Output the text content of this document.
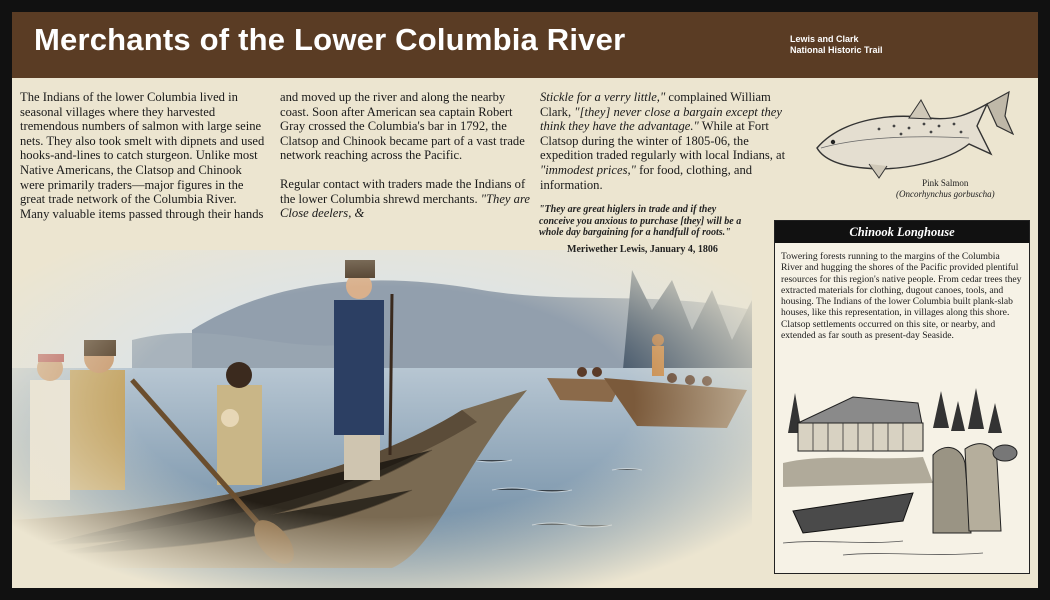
Merchants of the Lower Columbia River	Lewis and Clark
National Historic Trail

The Indians of the lower Columbia lived in seasonal villages where they harvested tremendous numbers of salmon with large seine nets. They also took smelt with dipnets and used hooks-and-lines to catch sturgeon. Unlike most Native Americans, the Clatsop and Chinook were primarily traders—major figures in the great trade network of the Columbia River. Many valuable items passed through their hands

and moved up the river and along the nearby coast. Soon after American sea captain Robert Gray crossed the Columbia's bar in 1792, the Clatsop and Chinook became part of a vast trade network reaching across the Pacific.

Regular contact with traders made the Indians of the lower Columbia shrewd merchants. "They are Close deelers, &

Stickle for a verry little," complained William Clark, "[they] never close a bargain except they think they have the advantage." While at Fort Clatsop during the winter of 1805-06, the expedition traded regularly with local Indians, at "immodest prices," for food, clothing, and information.

"They are great higlers in trade and if they conceive you anxious to purchase [they] will be a whole day bargaining for a handfull of roots."
Meriwether Lewis, January 4, 1806
Pink Salmon
(Oncorhynchus gorbuscha)
Chinook Longhouse
Towering forests running to the margins of the Columbia River and hugging the shores of the Pacific provided plentiful resources for this region's native people. From cedar trees they extracted materials for clothing, dugout canoes, tools, and housing. The Indians of the lower Columbia built plank-slab houses, like this representation, in villages along this shore. Clatsop settlements occurred on this site, or nearby, and extended as far south as present-day Seaside.
